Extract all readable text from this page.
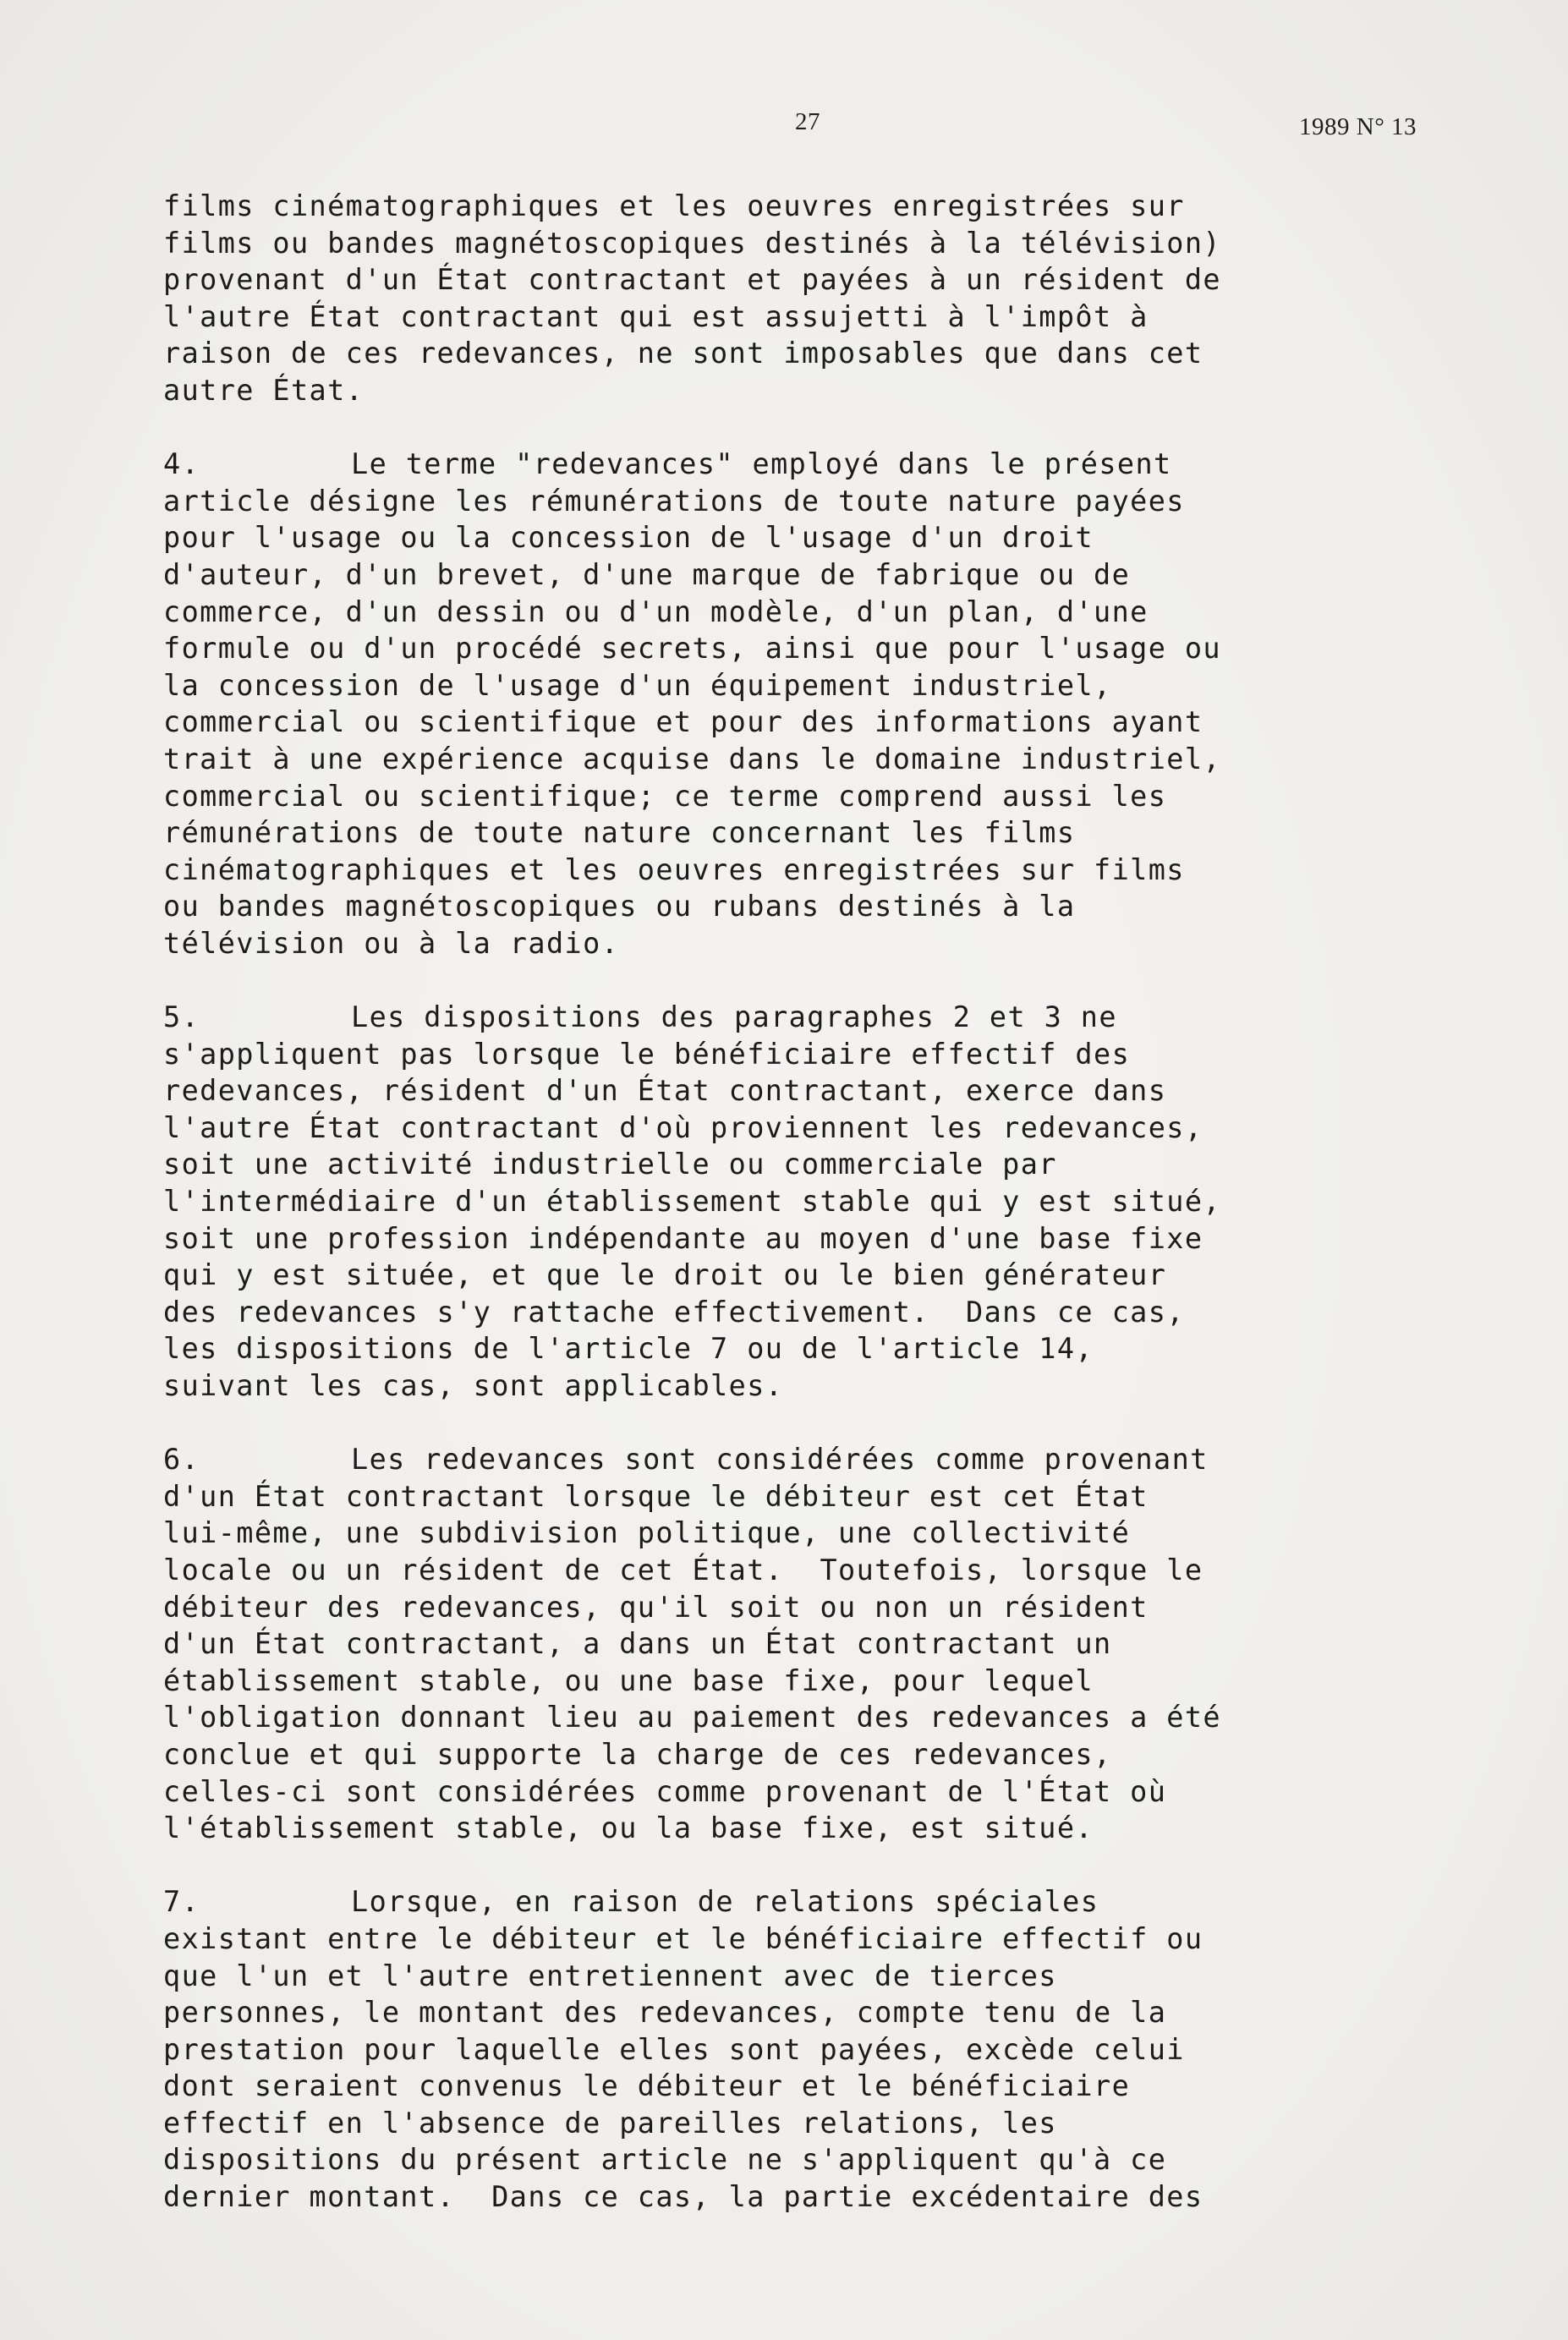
27	1989 N° 13
films cinématographiques et les oeuvres enregistrées sur
films ou bandes magnétoscopiques destinés à la télévision)
provenant d'un État contractant et payées à un résident de
l'autre État contractant qui est assujetti à l'impôt à
raison de ces redevances, ne sont imposables que dans cet
autre État.
4.	Le terme "redevances" employé dans le présent
article désigne les rémunérations de toute nature payées
pour l'usage ou la concession de l'usage d'un droit
d'auteur, d'un brevet, d'une marque de fabrique ou de
commerce, d'un dessin ou d'un modèle, d'un plan, d'une
formule ou d'un procédé secrets, ainsi que pour l'usage ou
la concession de l'usage d'un équipement industriel,
commercial ou scientifique et pour des informations ayant
trait à une expérience acquise dans le domaine industriel,
commercial ou scientifique; ce terme comprend aussi les
rémunérations de toute nature concernant les films
cinématographiques et les oeuvres enregistrées sur films
ou bandes magnétoscopiques ou rubans destinés à la
télévision ou à la radio.
5.	Les dispositions des paragraphes 2 et 3 ne
s'appliquent pas lorsque le bénéficiaire effectif des
redevances, résident d'un État contractant, exerce dans
l'autre État contractant d'où proviennent les redevances,
soit une activité industrielle ou commerciale par
l'intermédiaire d'un établissement stable qui y est situé,
soit une profession indépendante au moyen d'une base fixe
qui y est située, et que le droit ou le bien générateur
des redevances s'y rattache effectivement.  Dans ce cas,
les dispositions de l'article 7 ou de l'article 14,
suivant les cas, sont applicables.
6.	Les redevances sont considérées comme provenant
d'un État contractant lorsque le débiteur est cet État
lui-même, une subdivision politique, une collectivité
locale ou un résident de cet État.  Toutefois, lorsque le
débiteur des redevances, qu'il soit ou non un résident
d'un État contractant, a dans un État contractant un
établissement stable, ou une base fixe, pour lequel
l'obligation donnant lieu au paiement des redevances a été
conclue et qui supporte la charge de ces redevances,
celles-ci sont considérées comme provenant de l'État où
l'établissement stable, ou la base fixe, est situé.
7.	Lorsque, en raison de relations spéciales
existant entre le débiteur et le bénéficiaire effectif ou
que l'un et l'autre entretiennent avec de tierces
personnes, le montant des redevances, compte tenu de la
prestation pour laquelle elles sont payées, excède celui
dont seraient convenus le débiteur et le bénéficiaire
effectif en l'absence de pareilles relations, les
dispositions du présent article ne s'appliquent qu'à ce
dernier montant.  Dans ce cas, la partie excédentaire des
